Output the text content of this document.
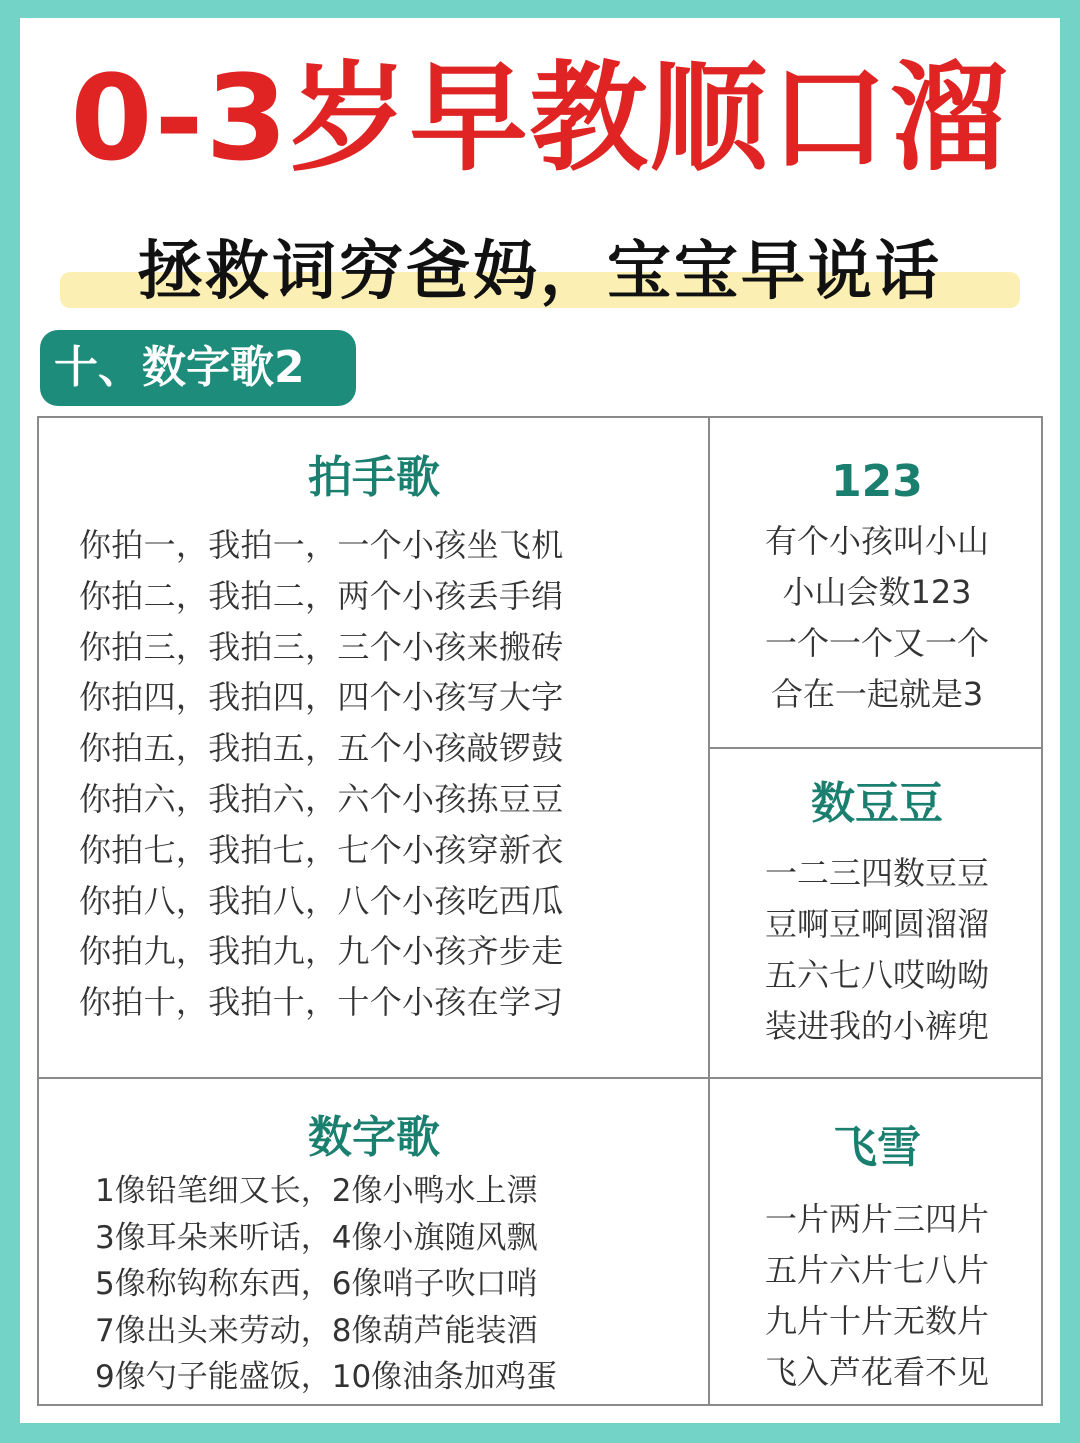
0-3岁早教顺口溜
拯救词穷爸妈，宝宝早说话
十、数字歌2
拍手歌
你拍一，我拍一，一个小孩坐飞机
你拍二，我拍二，两个小孩丢手绢
你拍三，我拍三，三个小孩来搬砖
你拍四，我拍四，四个小孩写大字
你拍五，我拍五，五个小孩敲锣鼓
你拍六，我拍六，六个小孩拣豆豆
你拍七，我拍七，七个小孩穿新衣
你拍八，我拍八，八个小孩吃西瓜
你拍九，我拍九，九个小孩齐步走
你拍十，我拍十，十个小孩在学习
123
有个小孩叫小山
小山会数123
一个一个又一个
合在一起就是3
数豆豆
一二三四数豆豆
豆啊豆啊圆溜溜
五六七八哎呦呦
装进我的小裤兜
数字歌
1像铅笔细又长，2像小鸭水上漂
3像耳朵来听话，4像小旗随风飘
5像称钩称东西，6像哨子吹口哨
7像出头来劳动，8像葫芦能装酒
9像勺子能盛饭，10像油条加鸡蛋
飞雪
一片两片三四片
五片六片七八片
九片十片无数片
飞入芦花看不见
